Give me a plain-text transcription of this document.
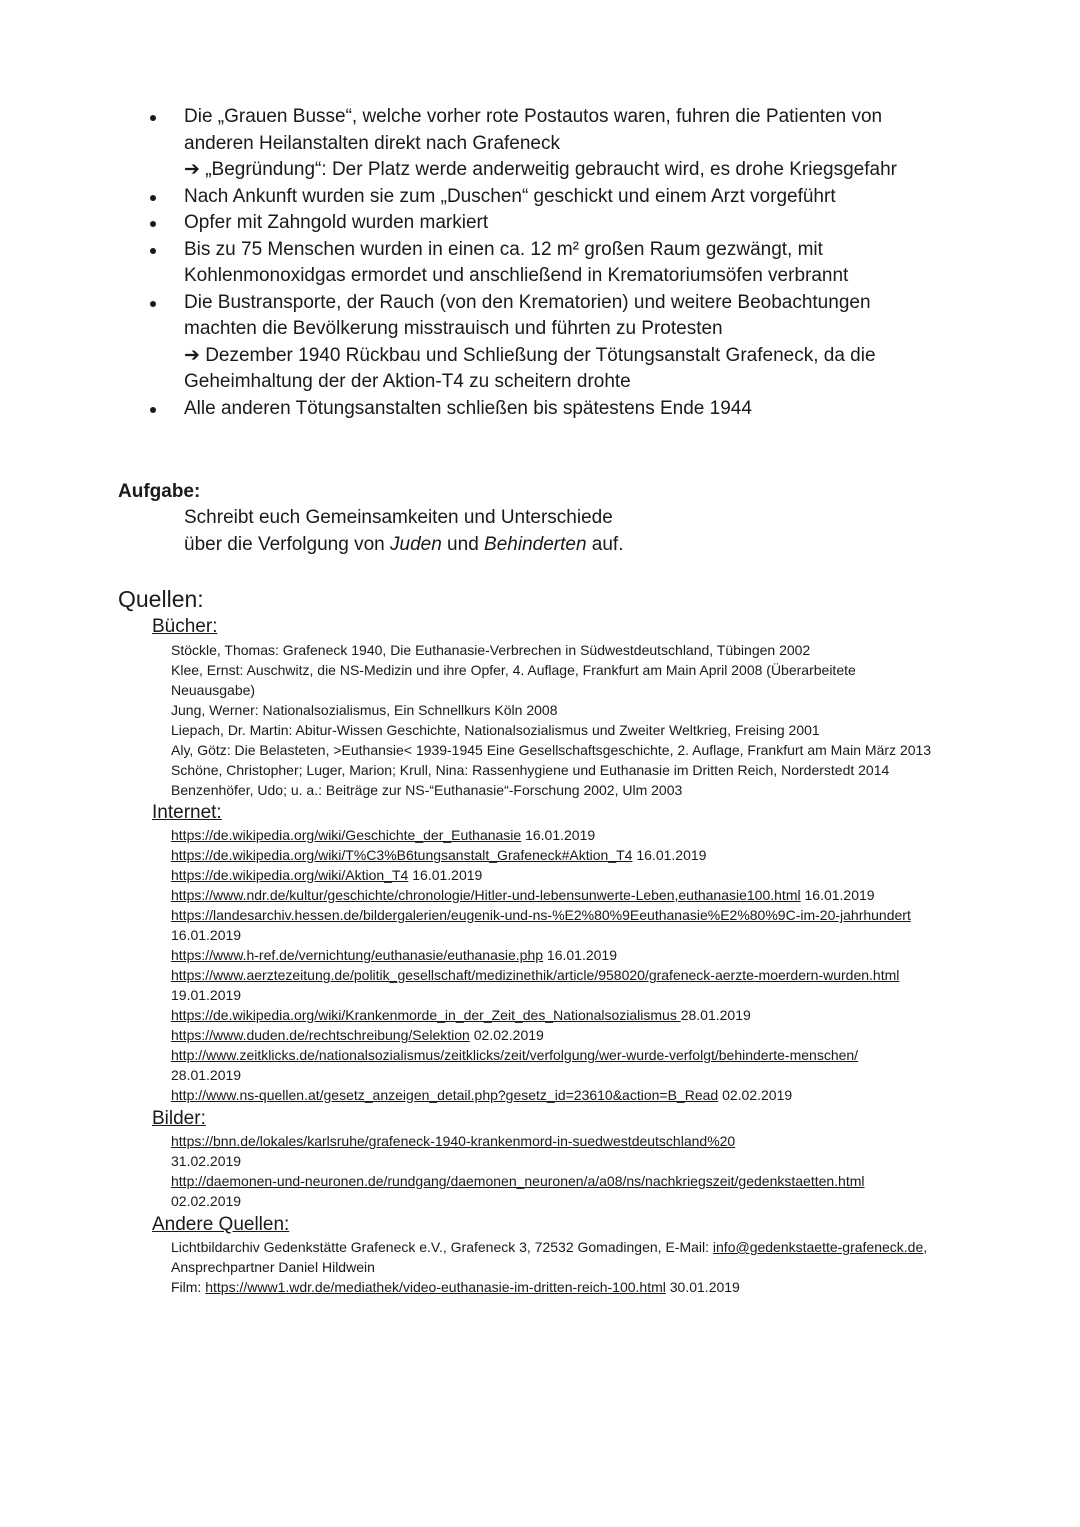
Die „Grauen Busse“, welche vorher rote Postautos waren, fuhren die Patienten von
anderen Heilanstalten direkt nach Grafeneck
➔ „Begründung“: Der Platz werde anderweitig gebraucht wird, es drohe Kriegsgefahr
Nach Ankunft wurden sie zum „Duschen“ geschickt und einem Arzt vorgeführt
Opfer mit Zahngold wurden markiert
Bis zu 75 Menschen wurden in einen ca. 12 m² großen Raum gezwängt, mit
Kohlenmonoxidgas ermordet und anschließend in Krematoriumsöfen verbrannt
Die Bustransporte, der Rauch (von den Krematorien) und weitere Beobachtungen
machten die Bevölkerung misstrauisch und führten zu Protesten
➔ Dezember 1940 Rückbau und Schließung der Tötungsanstalt Grafeneck, da die
Geheimhaltung der der Aktion-T4 zu scheitern drohte
Alle anderen Tötungsanstalten schließen bis spätestens Ende 1944
Aufgabe:
Schreibt euch Gemeinsamkeiten und Unterschiede
über die Verfolgung von Juden und Behinderten auf.
Quellen:
Bücher:
Stöckle, Thomas: Grafeneck 1940, Die Euthanasie-Verbrechen in Südwestdeutschland, Tübingen 2002
Klee, Ernst: Auschwitz, die NS-Medizin und ihre Opfer, 4. Auflage, Frankfurt am Main April 2008 (Überarbeitete
Neuausgabe)
Jung, Werner: Nationalsozialismus, Ein Schnellkurs Köln 2008
Liepach, Dr. Martin: Abitur-Wissen Geschichte, Nationalsozialismus und Zweiter Weltkrieg, Freising 2001
Aly, Götz: Die Belasteten, >Euthansie< 1939-1945 Eine Gesellschaftsgeschichte, 2. Auflage, Frankfurt am Main März 2013
Schöne, Christopher; Luger, Marion; Krull, Nina: Rassenhygiene und Euthanasie im Dritten Reich, Norderstedt 2014
Benzenhöfer, Udo; u. a.: Beiträge zur NS-“Euthanasie“-Forschung 2002, Ulm 2003
Internet:
https://de.wikipedia.org/wiki/Geschichte_der_Euthanasie 16.01.2019
https://de.wikipedia.org/wiki/T%C3%B6tungsanstalt_Grafeneck#Aktion_T4 16.01.2019
https://de.wikipedia.org/wiki/Aktion_T4 16.01.2019
https://www.ndr.de/kultur/geschichte/chronologie/Hitler-und-lebensunwerte-Leben,euthanasie100.html 16.01.2019
https://landesarchiv.hessen.de/bildergalerien/eugenik-und-ns-%E2%80%9Eeuthanasie%E2%80%9C-im-20-jahrhundert
16.01.2019
https://www.h-ref.de/vernichtung/euthanasie/euthanasie.php 16.01.2019
https://www.aerztezeitung.de/politik_gesellschaft/medizinethik/article/958020/grafeneck-aerzte-moerdern-wurden.html
19.01.2019
https://de.wikipedia.org/wiki/Krankenmorde_in_der_Zeit_des_Nationalsozialismus 28.01.2019
https://www.duden.de/rechtschreibung/Selektion 02.02.2019
http://www.zeitklicks.de/nationalsozialismus/zeitklicks/zeit/verfolgung/wer-wurde-verfolgt/behinderte-menschen/
28.01.2019
http://www.ns-quellen.at/gesetz_anzeigen_detail.php?gesetz_id=23610&action=B_Read 02.02.2019
Bilder:
https://bnn.de/lokales/karlsruhe/grafeneck-1940-krankenmord-in-suedwestdeutschland%20
31.02.2019
http://daemonen-und-neuronen.de/rundgang/daemonen_neuronen/a/a08/ns/nachkriegszeit/gedenkstaetten.html
02.02.2019
Andere Quellen:
Lichtbildarchiv Gedenkstätte Grafeneck e.V., Grafeneck 3, 72532 Gomadingen, E-Mail: info@gedenkstaette-grafeneck.de,
Ansprechpartner Daniel Hildwein
Film: https://www1.wdr.de/mediathek/video-euthanasie-im-dritten-reich-100.html 30.01.2019
